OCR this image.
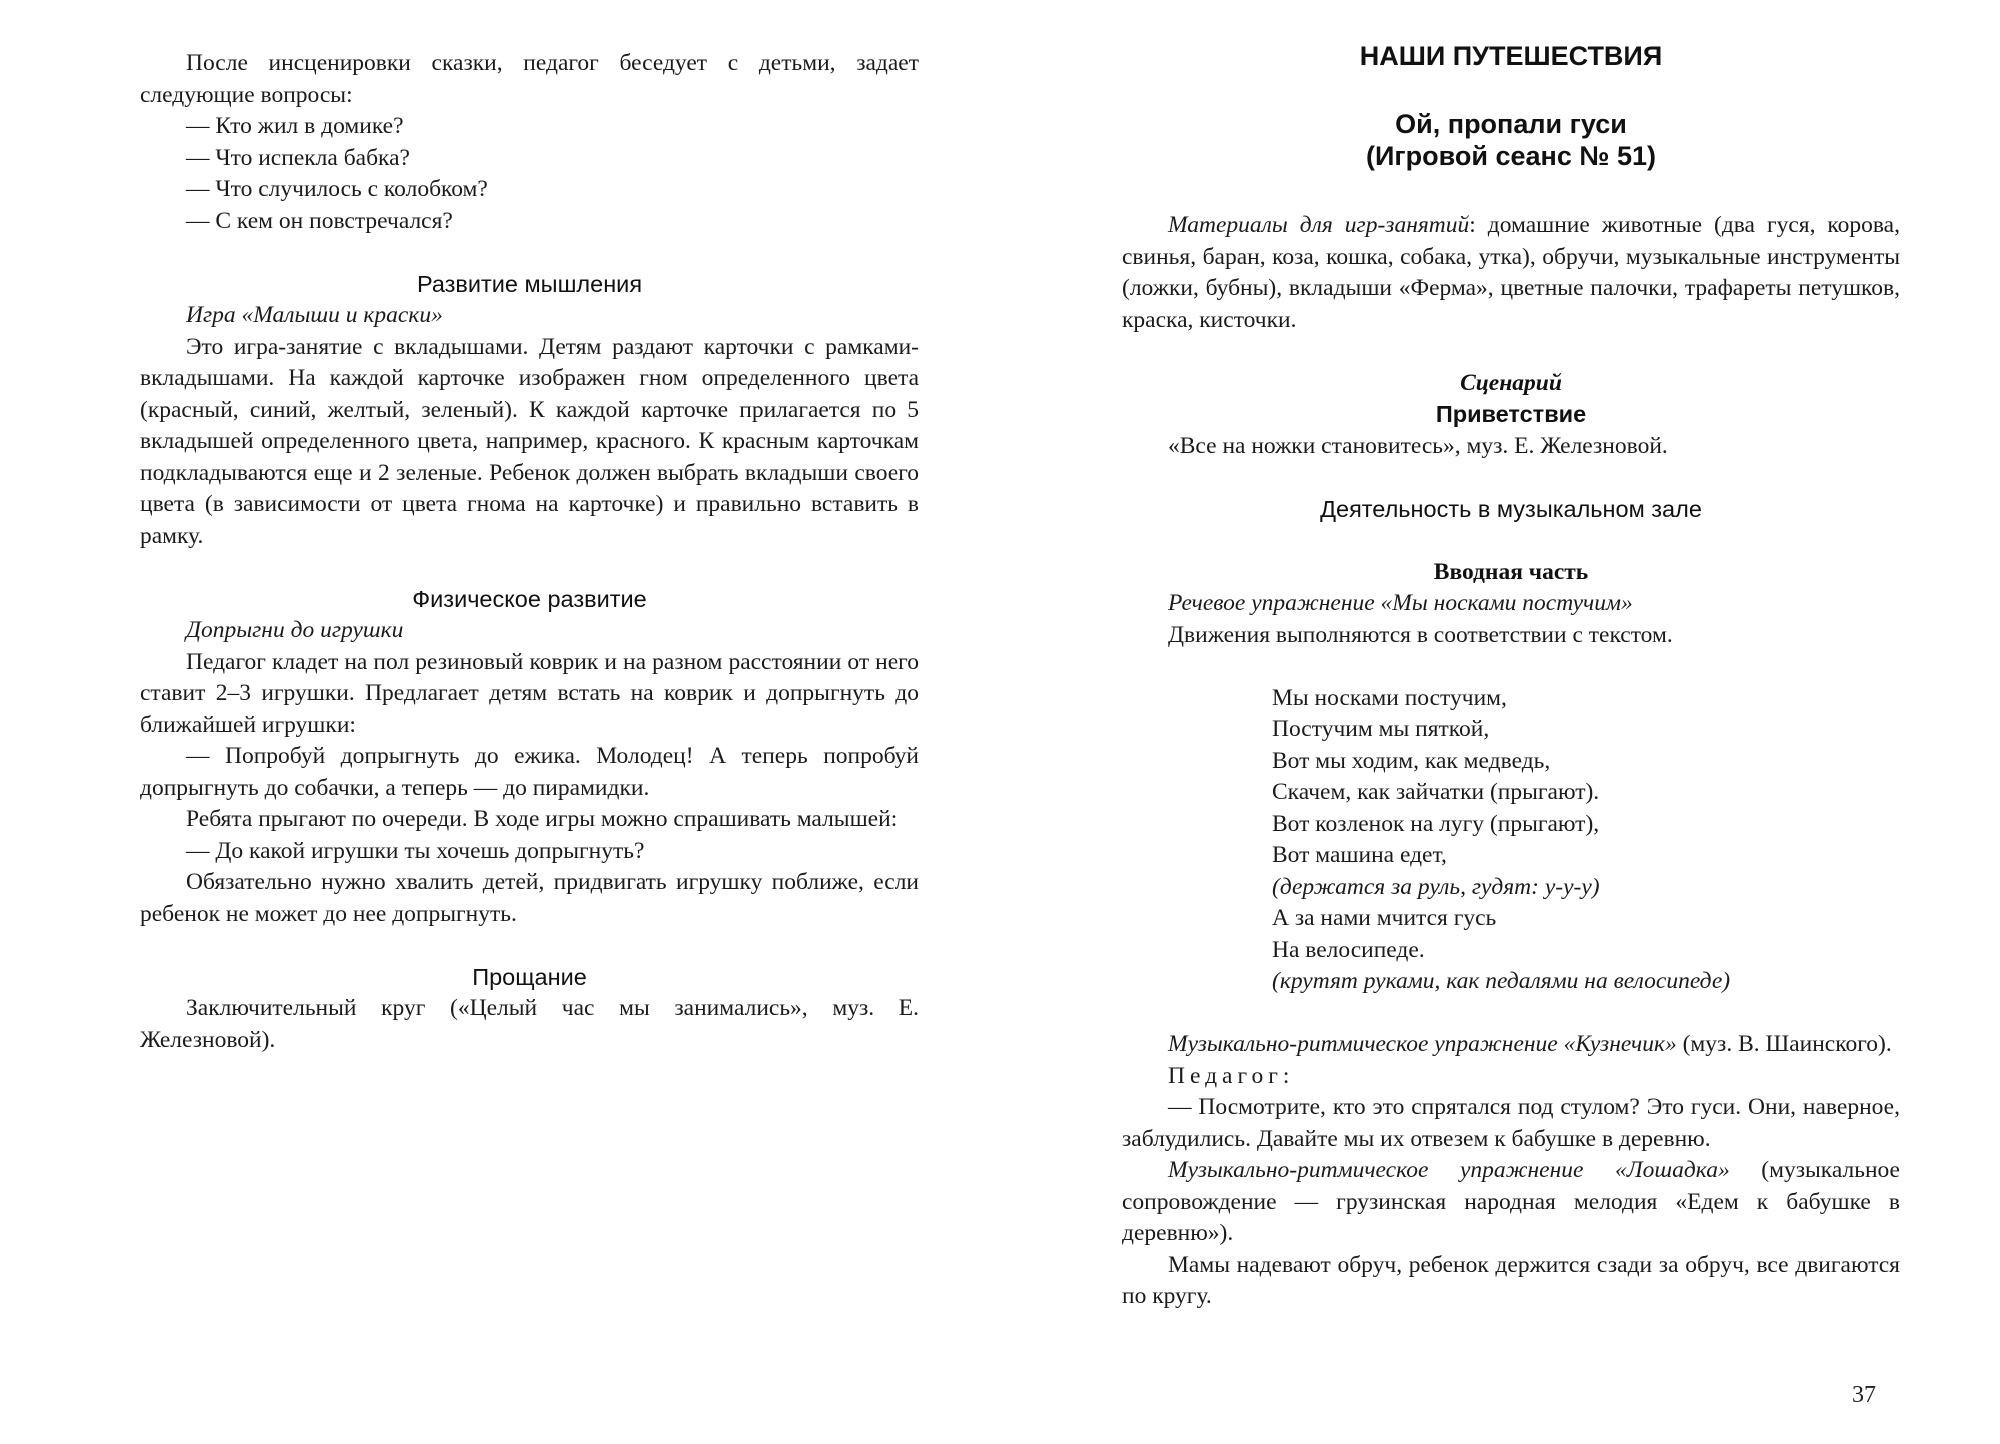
После инсценировки сказки, педагог беседует с детьми, задает следующие вопросы:

— Кто жил в домике?

— Что испекла бабка?

— Что случилось с колобком?

— С кем он повстречался?

Развитие мышления

Игра «Малыши и краски»

Это игра-занятие с вкладышами. Детям раздают карточки с рамками-вкладышами. На каждой карточке изображен гном определенного цвета (красный, синий, желтый, зеленый). К каждой карточке прилагается по 5 вкладышей определенного цвета, например, красного. К красным карточкам подкладываются еще и 2 зеленые. Ребенок должен выбрать вкладыши своего цвета (в зависимости от цвета гнома на карточке) и правильно вставить в рамку.

Физическое развитие

Допрыгни до игрушки

Педагог кладет на пол резиновый коврик и на разном расстоянии от него ставит 2–3 игрушки. Предлагает детям встать на коврик и допрыгнуть до ближайшей игрушки:

— Попробуй допрыгнуть до ежика. Молодец! А теперь попробуй допрыгнуть до собачки, а теперь — до пирамидки.

Ребята прыгают по очереди. В ходе игры можно спрашивать малышей:

— До какой игрушки ты хочешь допрыгнуть?

Обязательно нужно хвалить детей, придвигать игрушку поближе, если ребенок не может до нее допрыгнуть.

Прощание

Заключительный круг («Целый час мы занимались», муз. Е. Железновой).

НАШИ ПУТЕШЕСТВИЯ
Ой, пропали гуси
(Игровой сеанс № 51)

Материалы для игр-занятий: домашние животные (два гуся, корова, свинья, баран, коза, кошка, собака, утка), обручи, музыкальные инструменты (ложки, бубны), вкладыши «Ферма», цветные палочки, трафареты петушков, краска, кисточки.

Сценарий
Приветствие

«Все на ножки становитесь», муз. Е. Железновой.

Деятельность в музыкальном зале
Вводная часть

Речевое упражнение «Мы носками постучим»

Движения выполняются в соответствии с текстом.

Мы носками постучим,
Постучим мы пяткой,
Вот мы ходим, как медведь,
Скачем, как зайчатки (прыгают).
Вот козленок на лугу (прыгают),
Вот машина едет,
(держатся за руль, гудят: у-у-у)
А за нами мчится гусь
На велосипеде.
(крутят руками, как педалями на велосипеде)

Музыкально-ритмическое упражнение «Кузнечик» (муз. В. Шаинского).

Педагог:

— Посмотрите, кто это спрятался под стулом? Это гуси. Они, наверное, заблудились. Давайте мы их отвезем к бабушке в деревню.

Музыкально-ритмическое упражнение «Лошадка» (музыкальное сопровождение — грузинская народная мелодия «Едем к бабушке в деревню»).

Мамы надевают обруч, ребенок держится сзади за обруч, все двигаются по кругу.

37
